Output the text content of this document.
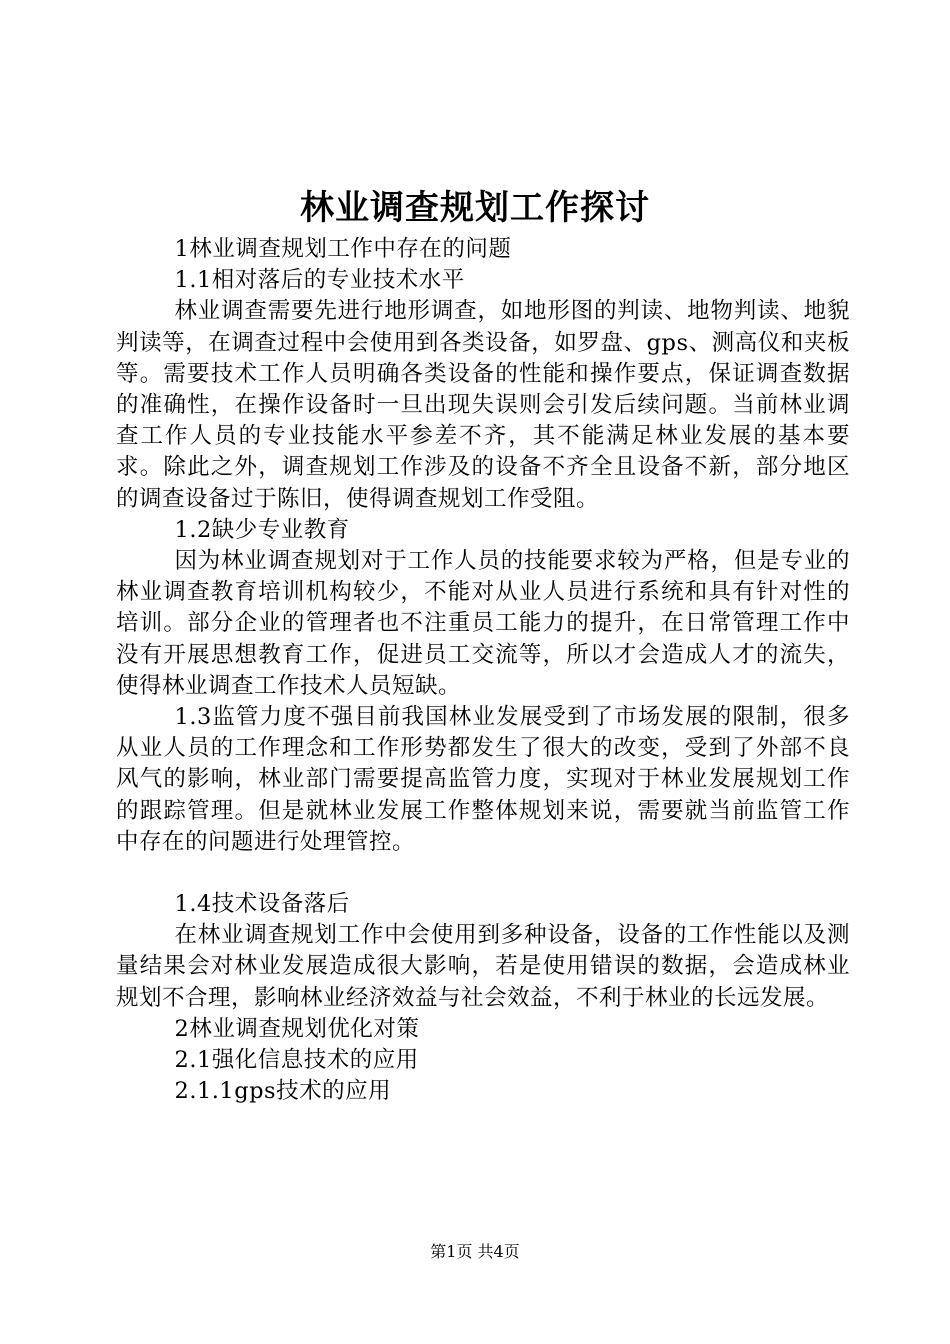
林业调查规划工作探讨

1林业调查规划工作中存在的问题

1.1相对落后的专业技术水平

林业调查需要先进行地形调查，如地形图的判读、地物判读、地貌判读等，在调查过程中会使用到各类设备，如罗盘、gps、测高仪和夹板等。需要技术工作人员明确各类设备的性能和操作要点，保证调查数据的准确性，在操作设备时一旦出现失误则会引发后续问题。当前林业调查工作人员的专业技能水平参差不齐，其不能满足林业发展的基本要求。除此之外，调查规划工作涉及的设备不齐全且设备不新，部分地区的调查设备过于陈旧，使得调查规划工作受阻。

1.2缺少专业教育

因为林业调查规划对于工作人员的技能要求较为严格，但是专业的林业调查教育培训机构较少，不能对从业人员进行系统和具有针对性的培训。部分企业的管理者也不注重员工能力的提升，在日常管理工作中没有开展思想教育工作，促进员工交流等，所以才会造成人才的流失，使得林业调查工作技术人员短缺。

1.3监管力度不强目前我国林业发展受到了市场发展的限制，很多从业人员的工作理念和工作形势都发生了很大的改变，受到了外部不良风气的影响，林业部门需要提高监管力度，实现对于林业发展规划工作的跟踪管理。但是就林业发展工作整体规划来说，需要就当前监管工作中存在的问题进行处理管控。

1.4技术设备落后

在林业调查规划工作中会使用到多种设备，设备的工作性能以及测量结果会对林业发展造成很大影响，若是使用错误的数据，会造成林业规划不合理，影响林业经济效益与社会效益，不利于林业的长远发展。

2林业调查规划优化对策

2.1强化信息技术的应用

2.1.1gps技术的应用

第1页 共4页
